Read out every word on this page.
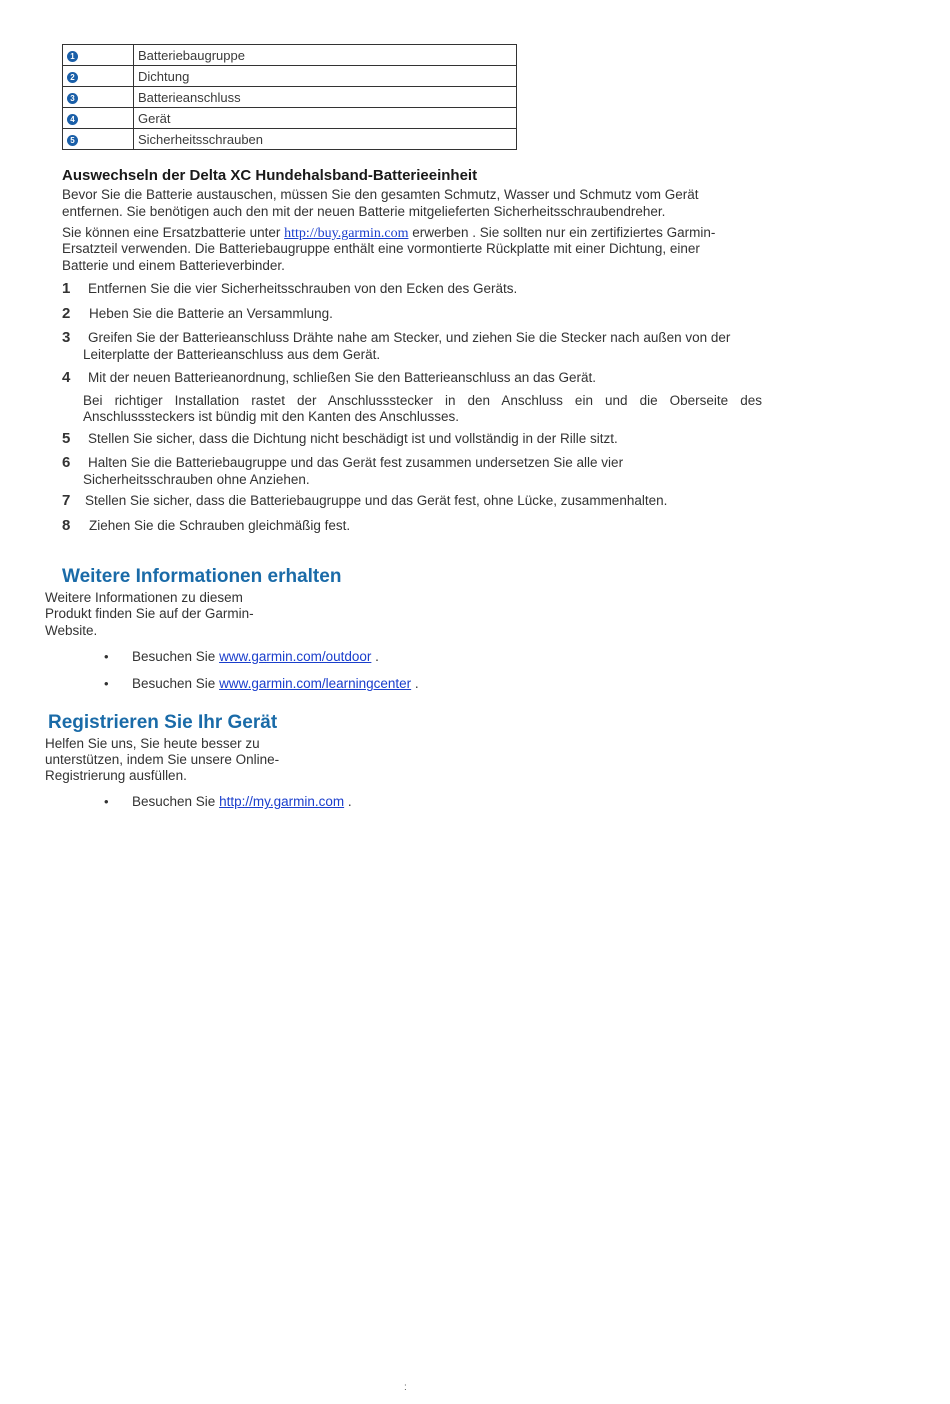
1	Batteriebaugruppe
2	Dichtung
3	Batterieanschluss
4	Gerät
5	Sicherheitsschrauben
Auswechseln der Delta XC Hundehalsband-Batterieeinheit
Bevor Sie die Batterie austauschen, müssen Sie den gesamten Schmutz, Wasser und Schmutz vom Gerät
entfernen. Sie benötigen auch den mit der neuen Batterie mitgelieferten Sicherheitsschraubendreher.
Sie können eine Ersatzbatterie unter http://buy.garmin.com erwerben . Sie sollten nur ein zertifiziertes Garmin-
Ersatzteil verwenden. Die Batteriebaugruppe enthält eine vormontierte Rückplatte mit einer Dichtung, einer
Batterie und einem Batterieverbinder.
1 Entfernen Sie die vier Sicherheitsschrauben von den Ecken des Geräts.
2 Heben Sie die Batterie an Versammlung.
3 Greifen Sie der Batterieanschluss Drähte nahe am Stecker, und ziehen Sie die Stecker nach außen von der
Leiterplatte der Batterieanschluss aus dem Gerät.
4 Mit der neuen Batterieanordnung, schließen Sie den Batterieanschluss an das Gerät.
Bei richtiger Installation rastet der Anschlussstecker in den Anschluss ein und die Oberseite des
Anschlusssteckers ist bündig mit den Kanten des Anschlusses.
5 Stellen Sie sicher, dass die Dichtung nicht beschädigt ist und vollständig in der Rille sitzt.
6 Halten Sie die Batteriebaugruppe und das Gerät fest zusammen undersetzen Sie alle vier
Sicherheitsschrauben ohne Anziehen.
7 Stellen Sie sicher, dass die Batteriebaugruppe und das Gerät fest, ohne Lücke, zusammenhalten.
8 Ziehen Sie die Schrauben gleichmäßig fest.
Weitere Informationen erhalten
Weitere Informationen zu diesem
Produkt finden Sie auf der Garmin-
Website.
• Besuchen Sie www.garmin.com/outdoor .
• Besuchen Sie www.garmin.com/learningcenter .
Registrieren Sie Ihr Gerät
Helfen Sie uns, Sie heute besser zu
unterstützen, indem Sie unsere Online-
Registrierung ausfüllen.
• Besuchen Sie http://my.garmin.com .
:
